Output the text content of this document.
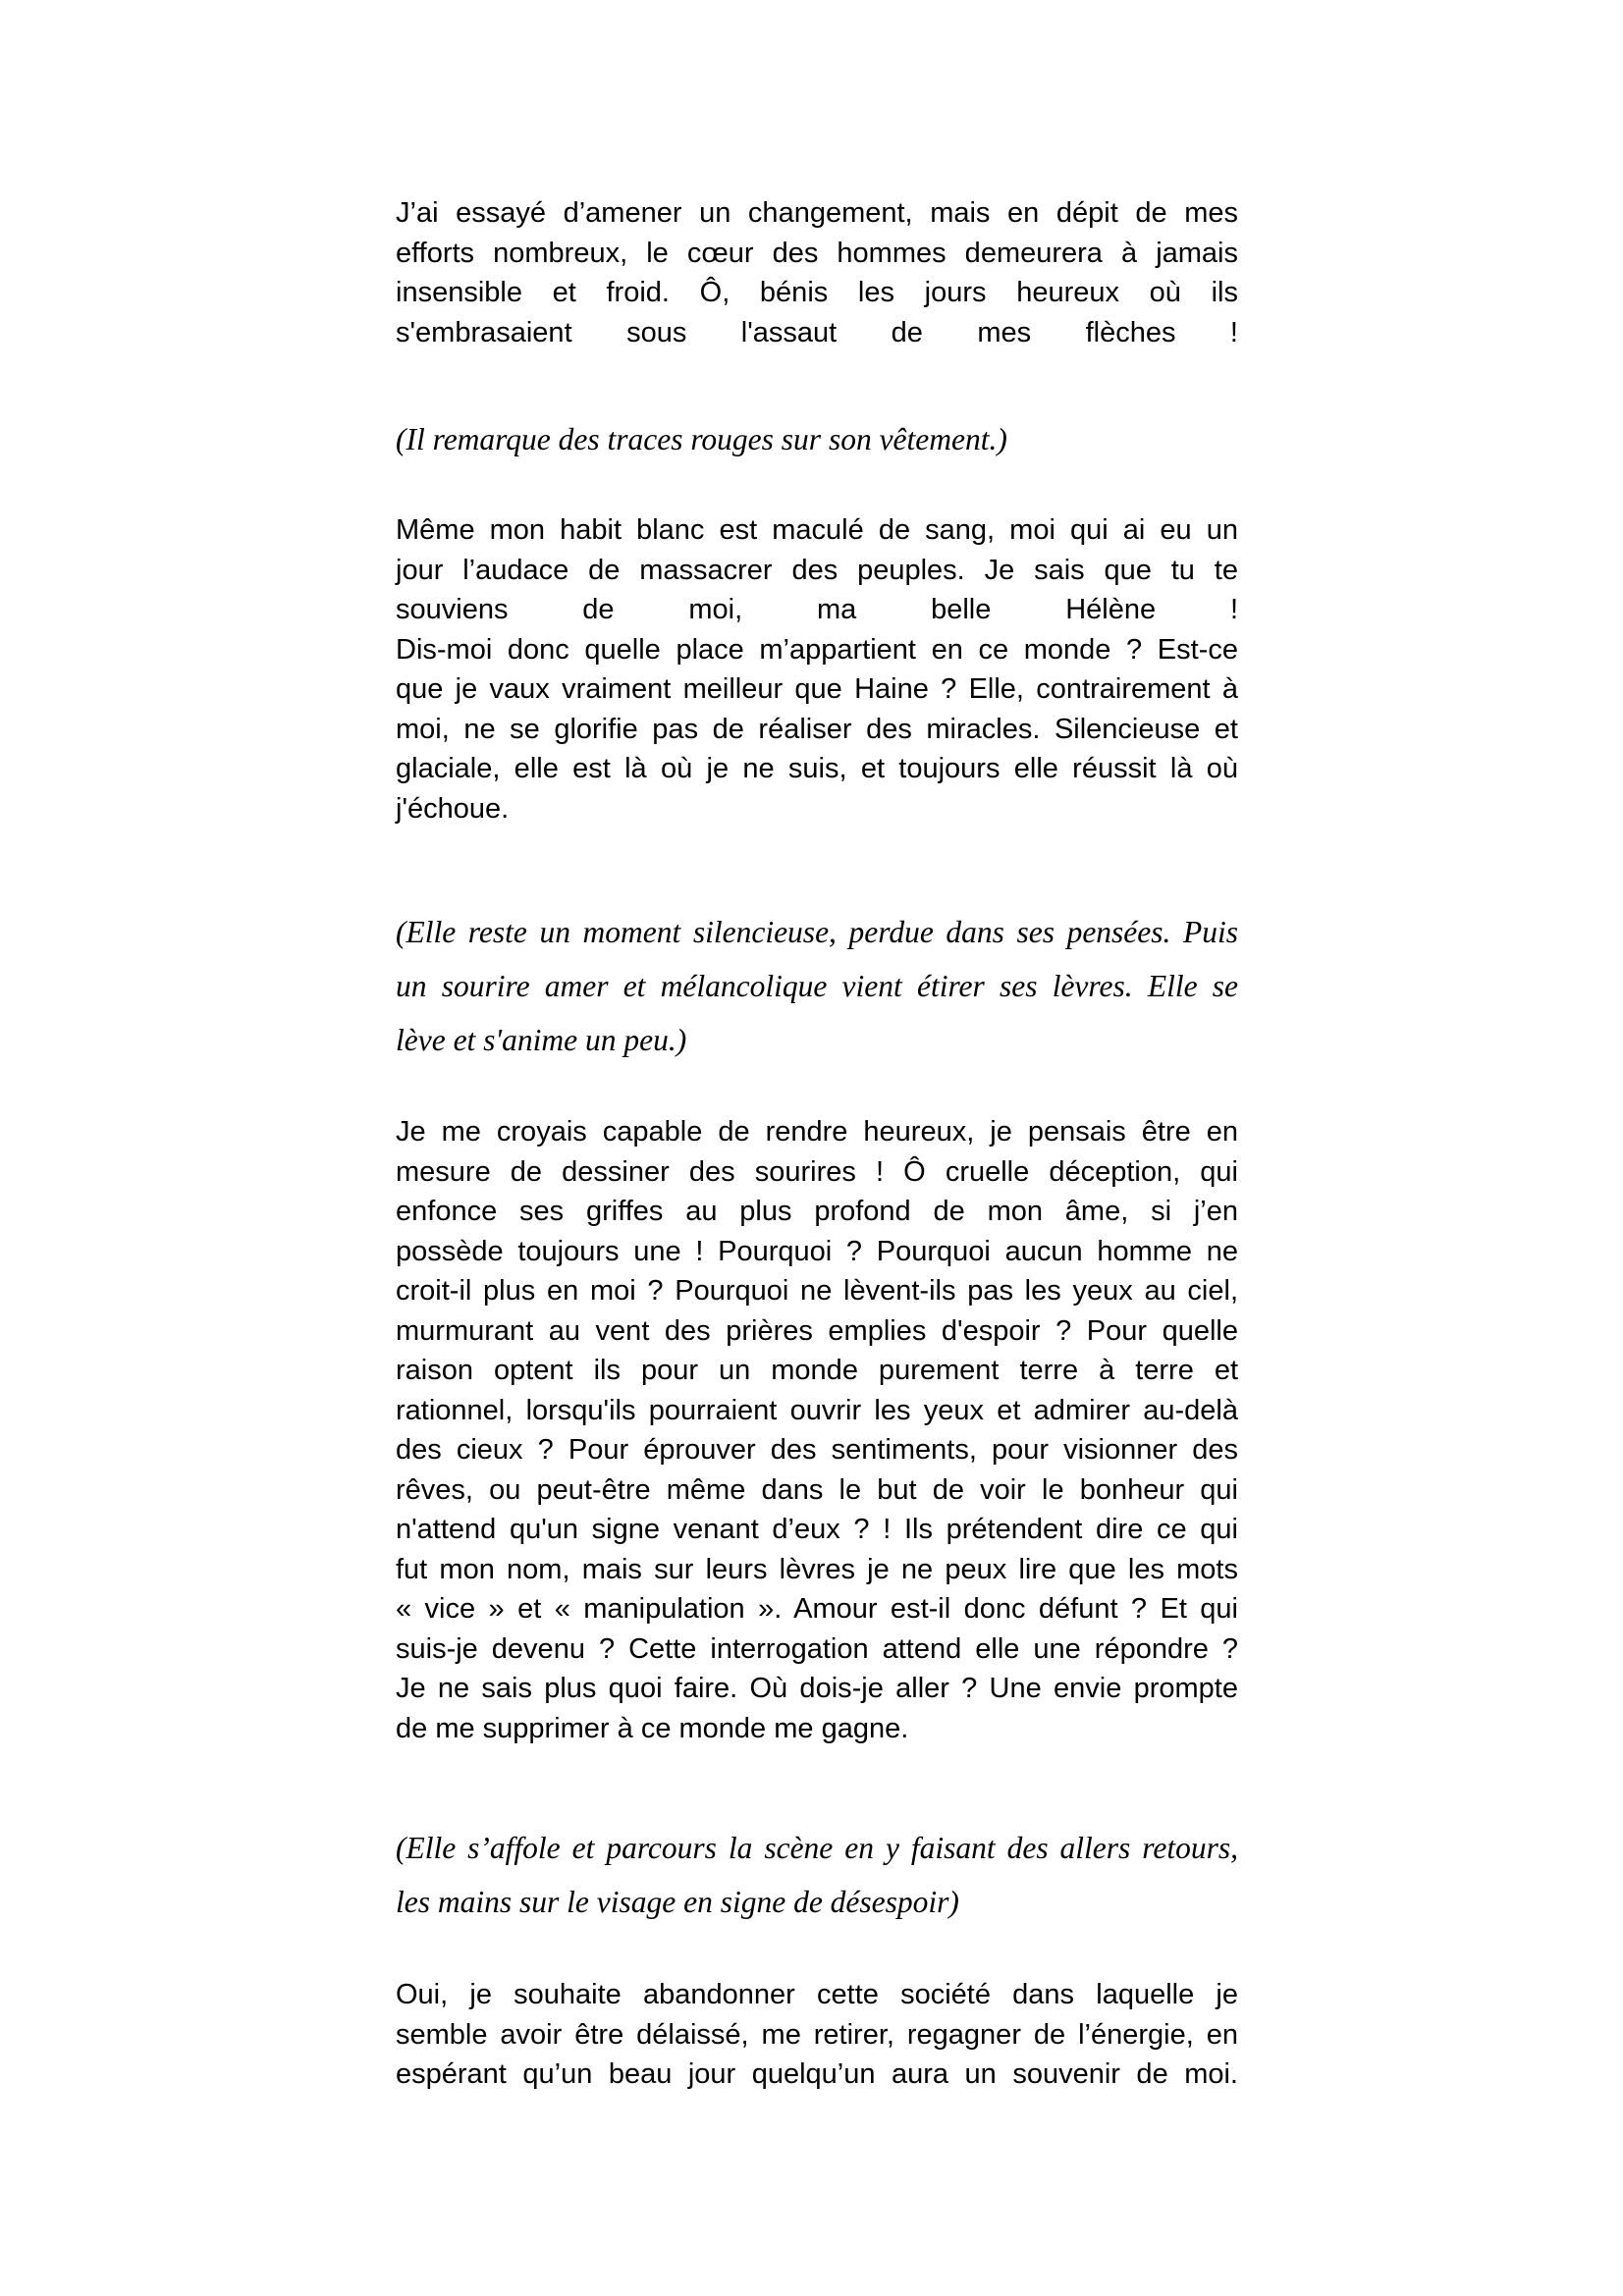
J’ai essayé d’amener un changement, mais en dépit de mes
efforts nombreux, le cœur des hommes demeurera à jamais
insensible et froid. Ô, bénis les jours heureux où ils
s'embrasaient sous l'assaut de mes flèches !
(Il remarque des traces rouges sur son vêtement.)
Même mon habit blanc est maculé de sang, moi qui ai eu un
jour l’audace de massacrer des peuples. Je sais que tu te
souviens de moi, ma belle Hélène !
Dis-moi donc quelle place m’appartient en ce monde ? Est-ce
que je vaux vraiment meilleur que Haine ? Elle, contrairement à
moi, ne se glorifie pas de réaliser des miracles. Silencieuse et
glaciale, elle est là où je ne suis, et toujours elle réussit là où
j'échoue.
(Elle reste un moment silencieuse, perdue dans ses pensées. Puis
un sourire amer et mélancolique vient étirer ses lèvres. Elle se
lève et s'anime un peu.)
Je me croyais capable de rendre heureux, je pensais être en
mesure de dessiner des sourires ! Ô cruelle déception, qui
enfonce ses griffes au plus profond de mon âme, si j’en
possède toujours une ! Pourquoi ? Pourquoi aucun homme ne
croit-il plus en moi ? Pourquoi ne lèvent-ils pas les yeux au ciel,
murmurant au vent des prières emplies d'espoir ? Pour quelle
raison optent ils pour un monde purement terre à terre et
rationnel, lorsqu'ils pourraient ouvrir les yeux et admirer au-delà
des cieux ? Pour éprouver des sentiments, pour visionner des
rêves, ou peut-être même dans le but de voir le bonheur qui
n'attend qu'un signe venant d’eux ? ! Ils prétendent dire ce qui
fut mon nom, mais sur leurs lèvres je ne peux lire que les mots
« vice » et « manipulation ». Amour est-il donc défunt ? Et qui
suis-je devenu ? Cette interrogation attend elle une répondre ?
Je ne sais plus quoi faire. Où dois-je aller ? Une envie prompte
de me supprimer à ce monde me gagne.
(Elle s’affole et parcours la scène en y faisant des allers retours,
les mains sur le visage en signe de désespoir)
Oui, je souhaite abandonner cette société dans laquelle je
semble avoir être délaissé, me retirer, regagner de l’énergie, en
espérant qu’un beau jour quelqu’un aura un souvenir de moi.
